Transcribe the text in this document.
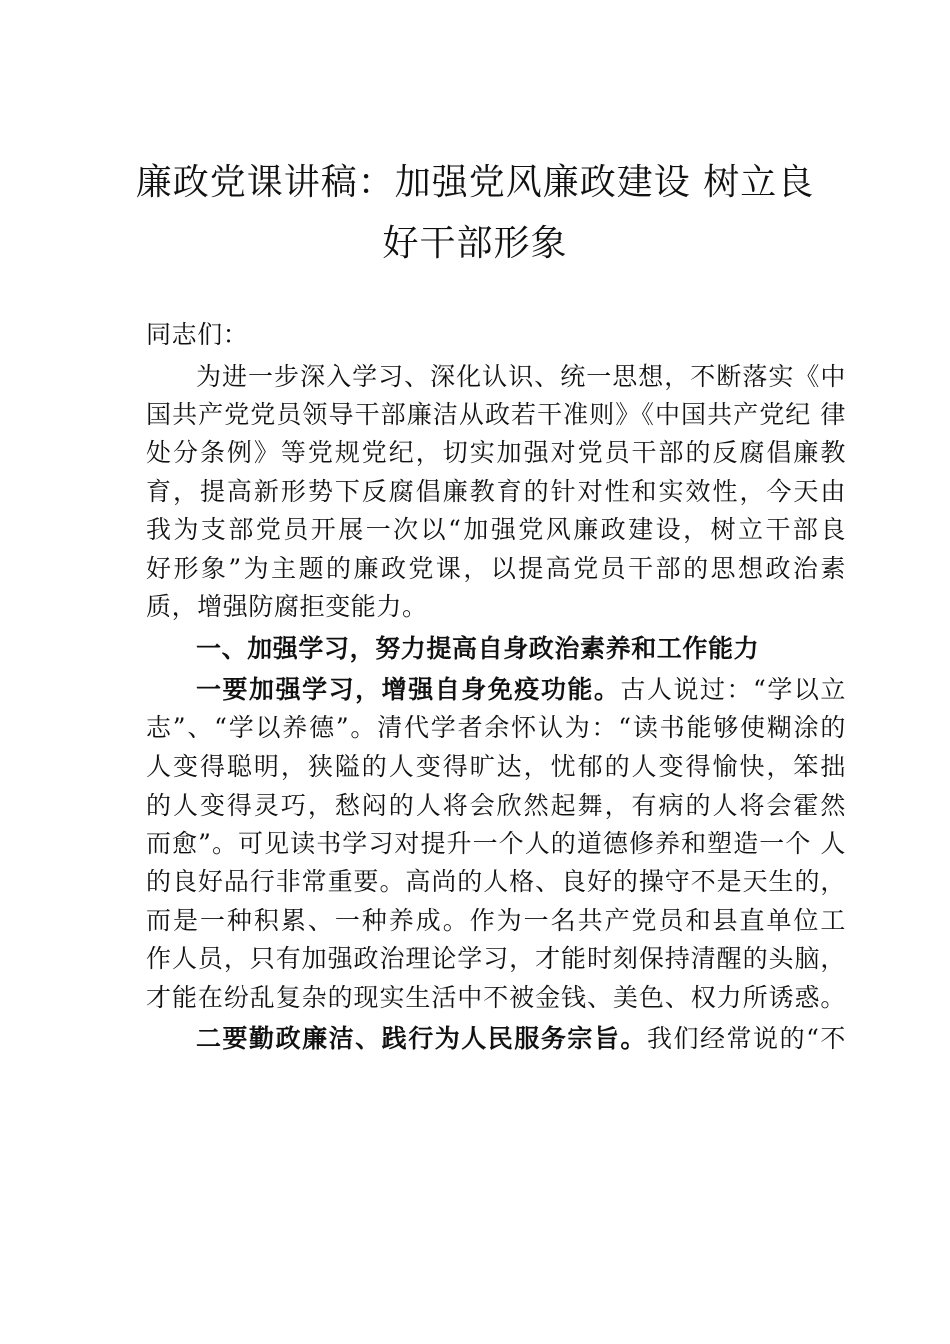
廉政党课讲稿：加强党风廉政建设 树立良
好干部形象
同志们：
为进一步深入学习、深化认识、统一思想，不断落实《中
国共产党党员领导干部廉洁从政若干准则》《中国共产党纪 律
处分条例》等党规党纪，切实加强对党员干部的反腐倡廉教
育，提高新形势下反腐倡廉教育的针对性和实效性，今天由
我为支部党员开展一次以“加强党风廉政建设，树立干部良
好形象”为主题的廉政党课，以提高党员干部的思想政治素
质，增强防腐拒变能力。
一、加强学习，努力提高自身政治素养和工作能力
一要加强学习，增强自身免疫功能。古人说过：“学以立
志”、“学以养德”。清代学者余怀认为：“读书能够使糊涂的
人变得聪明，狭隘的人变得旷达，忧郁的人变得愉快，笨拙
的人变得灵巧，愁闷的人将会欣然起舞，有病的人将会霍然
而愈”。可见读书学习对提升一个人的道德修养和塑造一个 人
的良好品行非常重要。高尚的人格、良好的操守不是天生的，
而是一种积累、一种养成。作为一名共产党员和县直单位工
作人员，只有加强政治理论学习，才能时刻保持清醒的头脑，
才能在纷乱复杂的现实生活中不被金钱、美色、权力所诱惑。
二要勤政廉洁、践行为人民服务宗旨。我们经常说的“不
